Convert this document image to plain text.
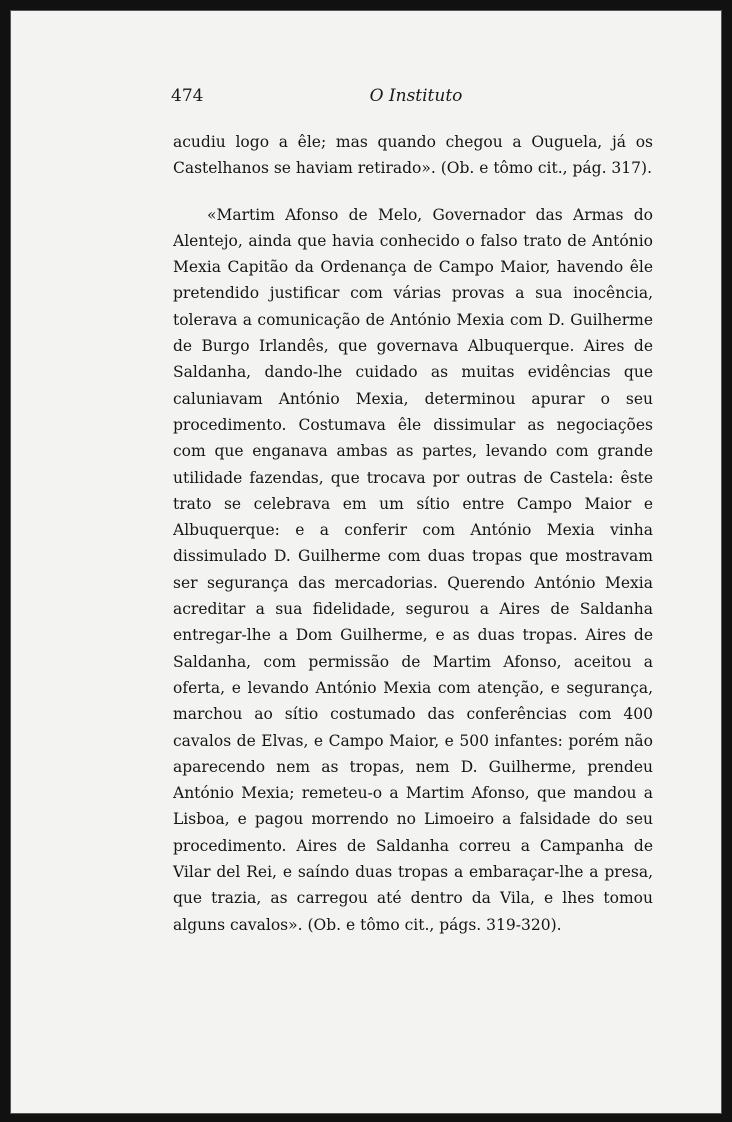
474	O Instituto

acudiu logo a êle; mas quando chegou a Ouguela, já os Castelhanos se haviam retirado». (Ob. e tômo cit., pág. 317).

«Martim Afonso de Melo, Governador das Armas do Alentejo, ainda que havia conhecido o falso trato de António Mexia Capitão da Ordenança de Campo Maior, havendo êle pretendido justificar com várias provas a sua inocência, tolerava a comunicação de António Mexia com D. Guilherme de Burgo Irlandês, que governava Albuquerque. Aires de Saldanha, dando-lhe cuidado as muitas evidências que caluniavam António Mexia, determinou apurar o seu procedimento. Costumava êle dissimular as negociações com que enganava ambas as partes, levando com grande utilidade fazendas, que trocava por outras de Castela: êste trato se celebrava em um sítio entre Campo Maior e Albuquerque: e a conferir com António Mexia vinha dissimulado D. Guilherme com duas tropas que mostravam ser segurança das mercadorias. Querendo António Mexia acreditar a sua fidelidade, segurou a Aires de Saldanha entregar-lhe a Dom Guilherme, e as duas tropas. Aires de Saldanha, com permissão de Martim Afonso, aceitou a oferta, e levando António Mexia com atenção, e segurança, marchou ao sítio costumado das conferências com 400 cavalos de Elvas, e Campo Maior, e 500 infantes: porém não aparecendo nem as tropas, nem D. Guilherme, prendeu António Mexia; remeteu-o a Martim Afonso, que mandou a Lisboa, e pagou morrendo no Limoeiro a falsidade do seu procedimento. Aires de Saldanha correu a Campanha de Vilar del Rei, e saíndo duas tropas a embaraçar-lhe a presa, que trazia, as carregou até dentro da Vila, e lhes tomou alguns cavalos». (Ob. e tômo cit., págs. 319-320).
